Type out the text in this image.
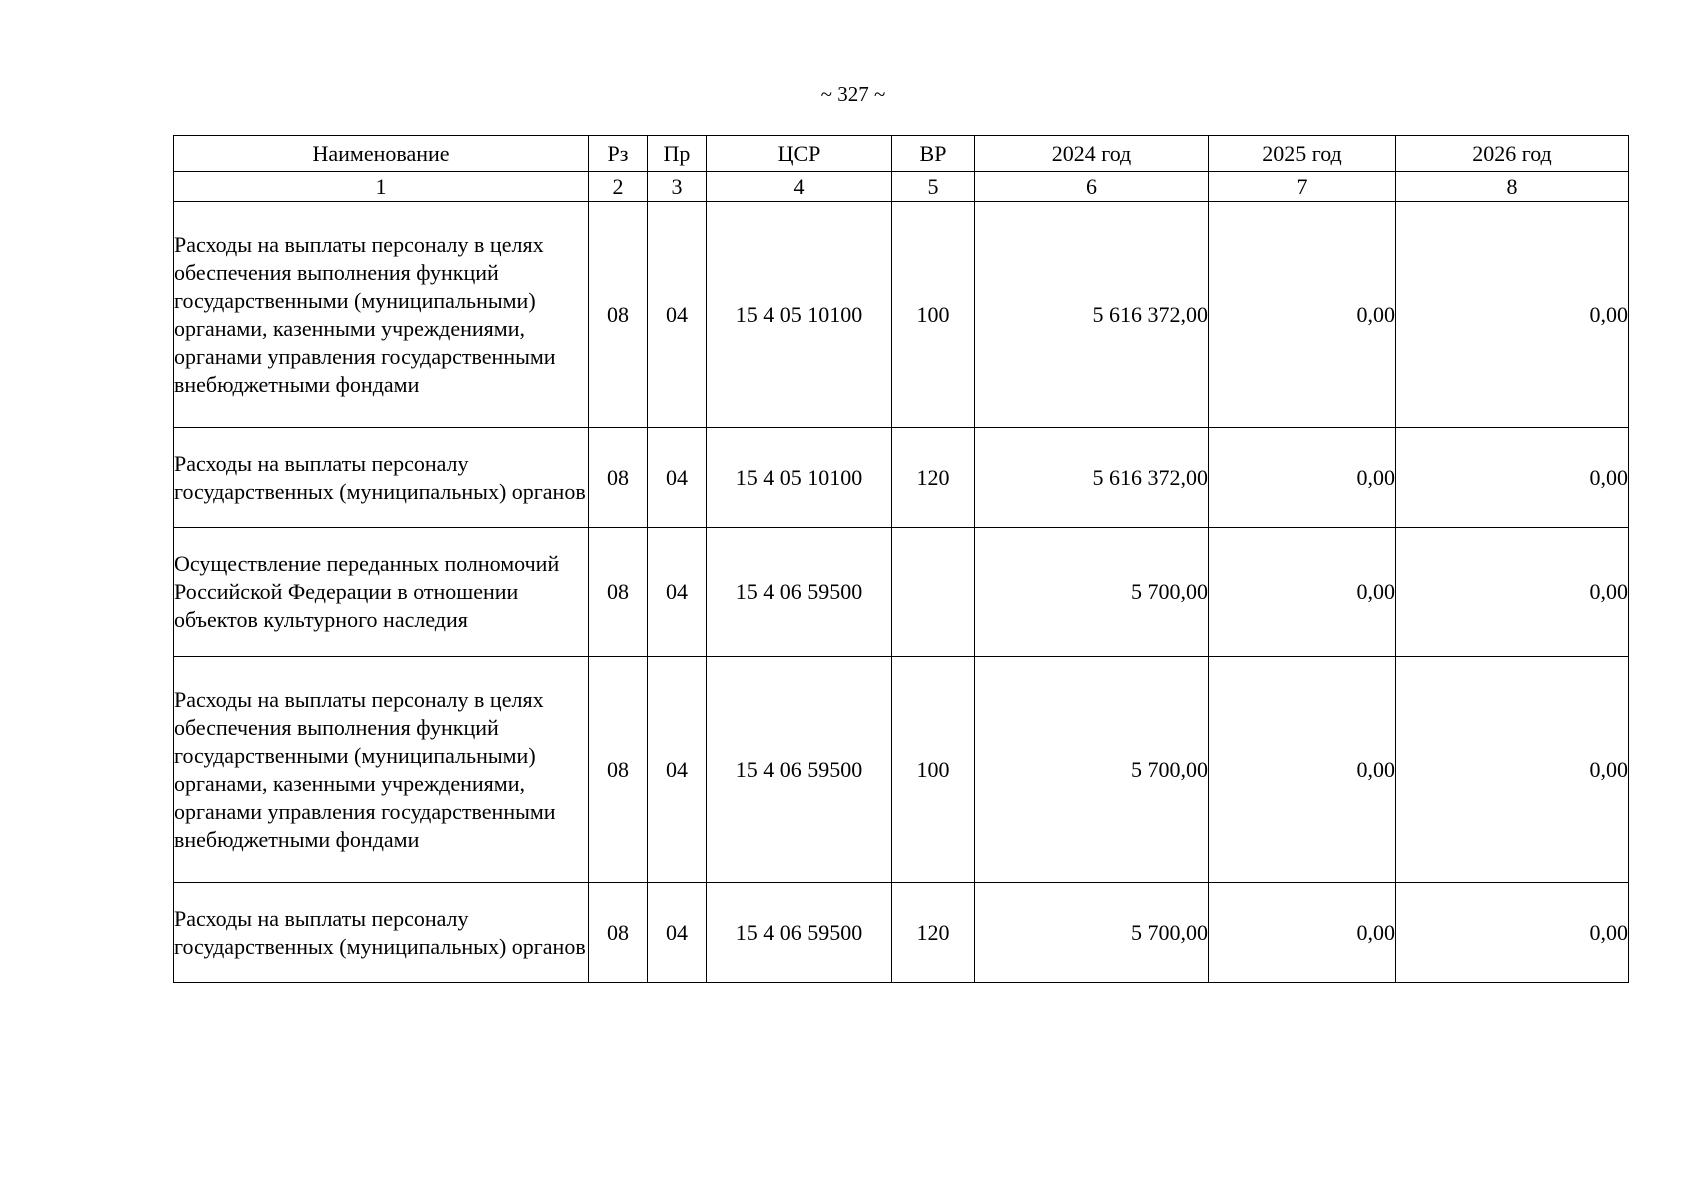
~ 327 ~
Наименование	Рз	Пр	ЦСР	ВР	2024 год	2025 год	2026 год
1	2	3	4	5	6	7	8
Расходы на выплаты персоналу в целях обеспечения выполнения функций государственными (муниципальными) органами, казенными учреждениями, органами управления государственными внебюджетными фондами	08	04	15 4 05 10100	100	5 616 372,00	0,00	0,00
Расходы на выплаты персоналу государственных (муниципальных) органов	08	04	15 4 05 10100	120	5 616 372,00	0,00	0,00
Осуществление переданных полномочий Российской Федерации в отношении объектов культурного наследия	08	04	15 4 06 59500		5 700,00	0,00	0,00
Расходы на выплаты персоналу в целях обеспечения выполнения функций государственными (муниципальными) органами, казенными учреждениями, органами управления государственными внебюджетными фондами	08	04	15 4 06 59500	100	5 700,00	0,00	0,00
Расходы на выплаты персоналу государственных (муниципальных) органов	08	04	15 4 06 59500	120	5 700,00	0,00	0,00
